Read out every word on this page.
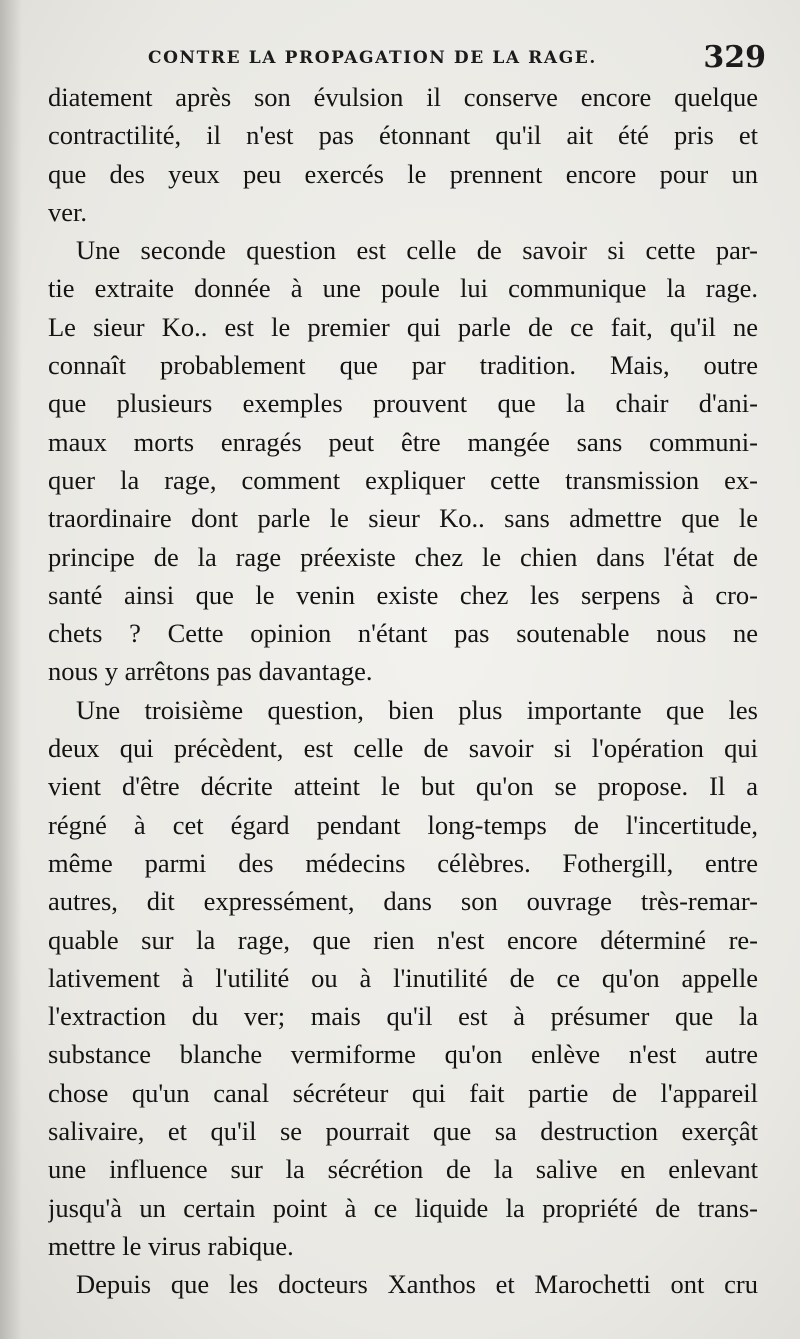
CONTRE LA PROPAGATION DE LA RAGE.	329
diatement après son évulsion il conserve encore quelque
contractilité, il n'est pas étonnant qu'il ait été pris et
que des yeux peu exercés le prennent encore pour un
ver.
Une seconde question est celle de savoir si cette par-
tie extraite donnée à une poule lui communique la rage.
Le sieur Ko.. est le premier qui parle de ce fait, qu'il ne
connaît probablement que par tradition. Mais, outre
que plusieurs exemples prouvent que la chair d'ani-
maux morts enragés peut être mangée sans communi-
quer la rage, comment expliquer cette transmission ex-
traordinaire dont parle le sieur Ko.. sans admettre que le
principe de la rage préexiste chez le chien dans l'état de
santé ainsi que le venin existe chez les serpens à cro-
chets ? Cette opinion n'étant pas soutenable nous ne
nous y arrêtons pas davantage.
Une troisième question, bien plus importante que les
deux qui précèdent, est celle de savoir si l'opération qui
vient d'être décrite atteint le but qu'on se propose. Il a
régné à cet égard pendant long-temps de l'incertitude,
même parmi des médecins célèbres. Fothergill, entre
autres, dit expressément, dans son ouvrage très-remar-
quable sur la rage, que rien n'est encore déterminé re-
lativement à l'utilité ou à l'inutilité de ce qu'on appelle
l'extraction du ver; mais qu'il est à présumer que la
substance blanche vermiforme qu'on enlève n'est autre
chose qu'un canal sécréteur qui fait partie de l'appareil
salivaire, et qu'il se pourrait que sa destruction exerçât
une influence sur la sécrétion de la salive en enlevant
jusqu'à un certain point à ce liquide la propriété de trans-
mettre le virus rabique.
Depuis que les docteurs Xanthos et Marochetti ont cru
